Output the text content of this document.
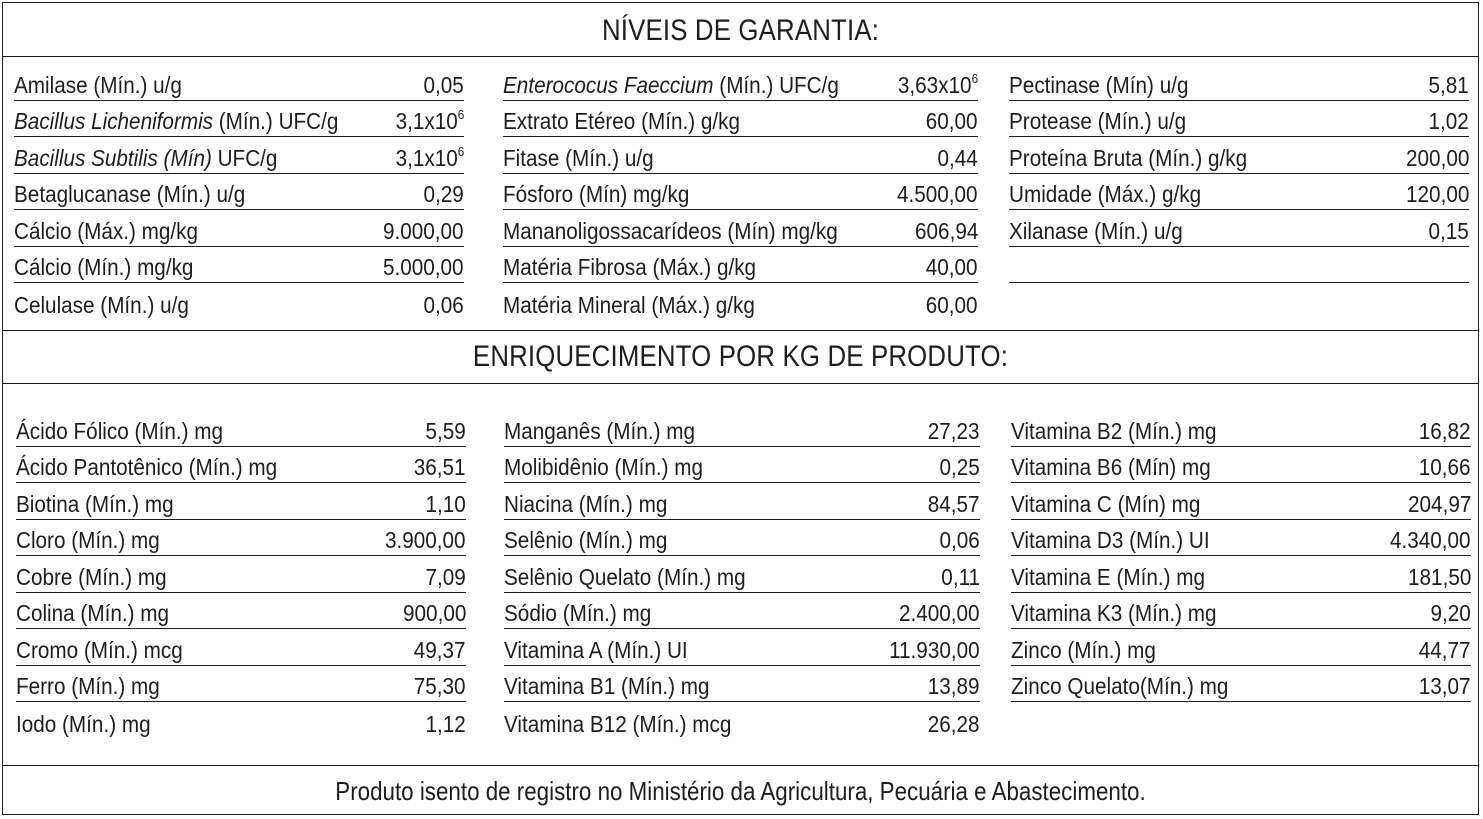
NÍVEIS DE GARANTIA:
Amilase (Mín.) u/g	0,05
Bacillus Licheniformis (Mín.) UFC/g $3,1x10^6$
Bacillus Subtilis (Mín) UFC/g	$3,1x10^6$
Betaglucanase (Mín.) u/g	0,29
Cálcio (Máx.) mg/kg	9.000,00
Cálcio (Mín.) mg/kg	5.000,00
Celulase (Mín.) u/g	0,06
Enterococus Faeccium (Mín.) UFC/g	$3,63x10^6$
Extrato Etéreo (Mín.) g/kg	60,00
Fitase (Mín.) u/g	0,44
Fósforo (Mín) mg/kg	4.500,00
Mananoligossacarídeos (Mín) mg/kg	606,94
Matéria Fibrosa (Máx.) g/kg	40,00
Matéria Mineral (Máx.) g/kg	60,00
Pectinase (Mín) u/g	5,81
Protease (Mín.) u/g	1,02
Proteína Bruta (Mín.) g/kg	200,00
Umidade (Máx.) g/kg	120,00
Xilanase (Mín.) u/g	0,15
ENRIQUECIMENTO POR KG DE PRODUTO:
Ácido Fólico (Mín.) mg	5,59
Ácido Pantotênico (Mín.) mg	36,51
Biotina (Mín.) mg	1,10
Cloro (Mín.) mg	3.900,00
Cobre (Mín.) mg	7,09
Colina (Mín.) mg	900,00
Cromo (Mín.) mcg	49,37
Ferro (Mín.) mg	75,30
Iodo (Mín.) mg	1,12
Manganês (Mín.) mg	27,23
Molibidênio (Mín.) mg	0,25
Niacina (Mín.) mg	84,57
Selênio (Mín.) mg	0,06
Selênio Quelato (Mín.) mg	0,11
Sódio (Mín.) mg	2.400,00
Vitamina A (Mín.) UI	11.930,00
Vitamina B1 (Mín.) mg	13,89
Vitamina B12 (Mín.) mcg	26,28
Vitamina B2 (Mín.) mg	16,82
Vitamina B6 (Mín) mg	10,66
Vitamina C (Mín) mg	204,97
Vitamina D3 (Mín.) UI	4.340,00
Vitamina E (Mín.) mg	181,50
Vitamina K3 (Mín.) mg	9,20
Zinco (Mín.) mg	44,77
Zinco Quelato(Mín.) mg	13,07
Produto isento de registro no Ministério da Agricultura, Pecuária e Abastecimento.
